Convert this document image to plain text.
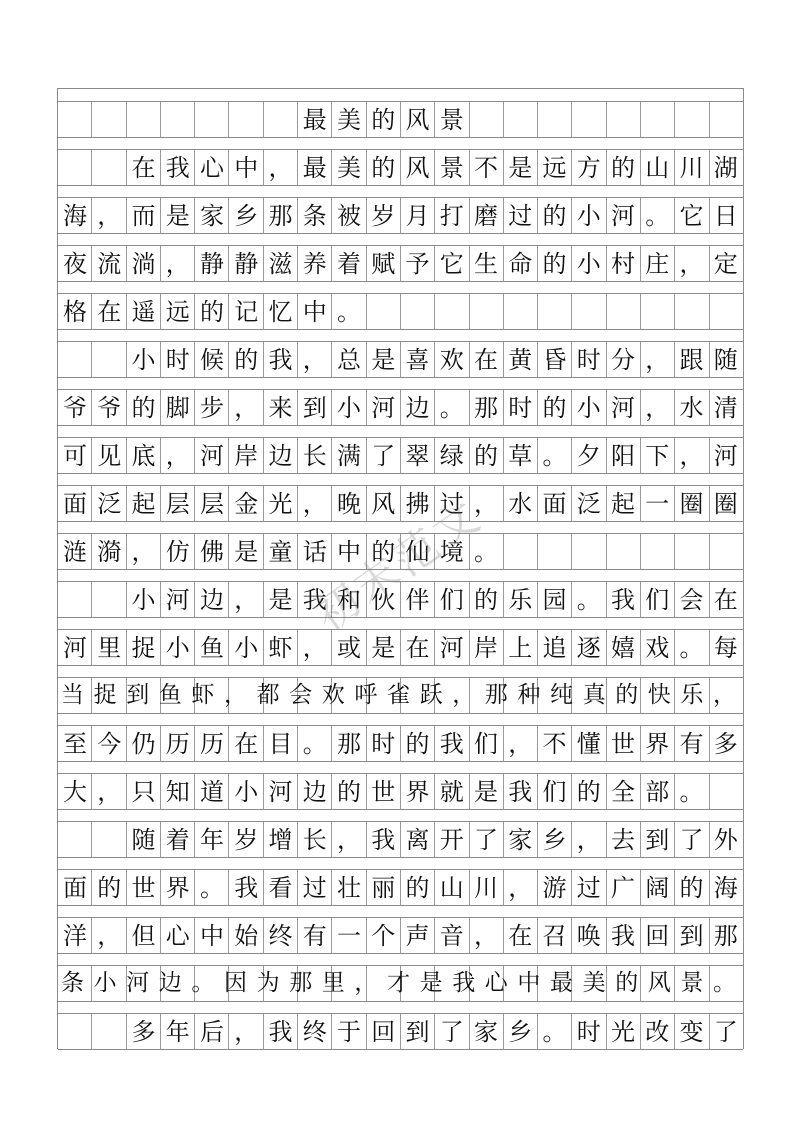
　　　　　　　最美的风景　　　　　　　　
　　在我心中，最美的风景不是远方的山川湖
海，而是家乡那条被岁月打磨过的小河。它日
夜流淌，静静滋养着赋予它生命的小村庄，定
格在遥远的记忆中。　　　　　　　　　　　
　　小时候的我，总是喜欢在黄昏时分，跟随
爷爷的脚步，来到小河边。那时的小河，水清
可见底，河岸边长满了翠绿的草。夕阳下，河
面泛起层层金光，晚风拂过，水面泛起一圈圈
涟漪，仿佛是童话中的仙境。　　　　　　　
　　小河边，是我和伙伴们的乐园。我们会在
河里捉小鱼小虾，或是在河岸上追逐嬉戏。每
当捉到鱼虾，都会欢呼雀跃，那种纯真的快乐，
至今仍历历在目。那时的我们，不懂世界有多
大，只知道小河边的世界就是我们的全部。　
　　随着年岁增长，我离开了家乡，去到了外
面的世界。我看过壮丽的山川，游过广阔的海
洋，但心中始终有一个声音，在召唤我回到那
条小河边。因为那里，才是我心中最美的风景。
　　多年后，我终于回到了家乡。时光改变了
初末范文
